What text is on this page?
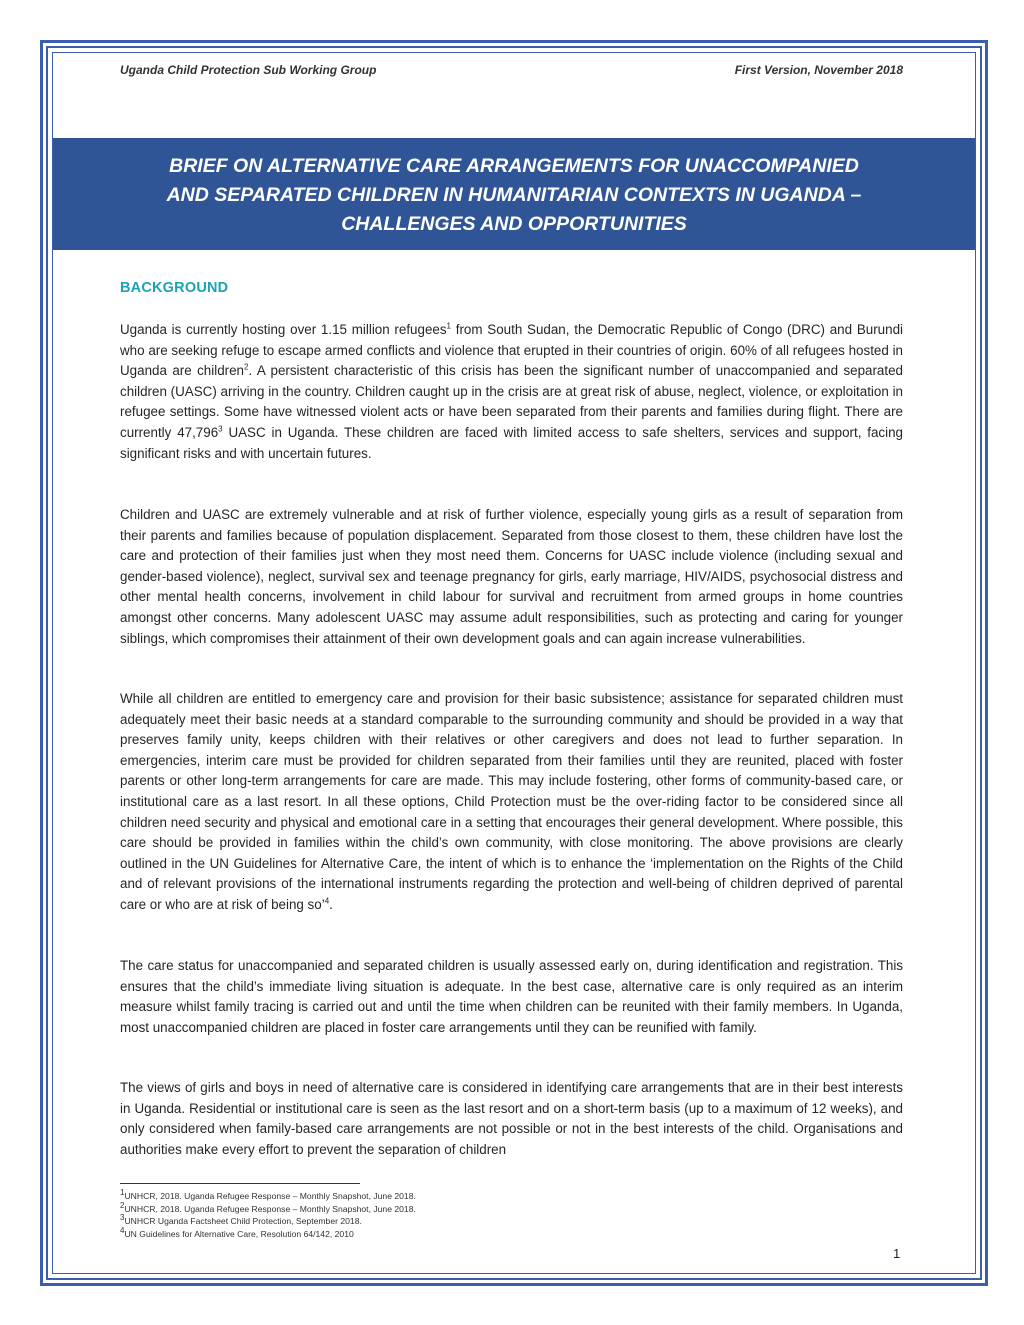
Uganda Child Protection Sub Working Group	First Version, November 2018
BRIEF ON ALTERNATIVE CARE ARRANGEMENTS FOR UNACCOMPANIED AND SEPARATED CHILDREN IN HUMANITARIAN CONTEXTS IN UGANDA – CHALLENGES AND OPPORTUNITIES
BACKGROUND

Uganda is currently hosting over 1.15 million refugees$^1$ from South Sudan, the Democratic Republic of Congo (DRC) and Burundi who are seeking refuge to escape armed conflicts and violence that erupted in their countries of origin. 60% of all refugees hosted in Uganda are children$^2$. A persistent characteristic of this crisis has been the significant number of unaccompanied and separated children (UASC) arriving in the country. Children caught up in the crisis are at great risk of abuse, neglect, violence, or exploitation in refugee settings. Some have witnessed violent acts or have been separated from their parents and families during flight. There are currently 47,796$^3$ UASC in Uganda. These children are faced with limited access to safe shelters, services and support, facing significant risks and with uncertain futures.

Children and UASC are extremely vulnerable and at risk of further violence, especially young girls as a result of separation from their parents and families because of population displacement. Separated from those closest to them, these children have lost the care and protection of their families just when they most need them. Concerns for UASC include violence (including sexual and gender-based violence), neglect, survival sex and teenage pregnancy for girls, early marriage, HIV/AIDS, psychosocial distress and other mental health concerns, involvement in child labour for survival and recruitment from armed groups in home countries amongst other concerns. Many adolescent UASC may assume adult responsibilities, such as protecting and caring for younger siblings, which compromises their attainment of their own development goals and can again increase vulnerabilities.

While all children are entitled to emergency care and provision for their basic subsistence; assistance for separated children must adequately meet their basic needs at a standard comparable to the surrounding community and should be provided in a way that preserves family unity, keeps children with their relatives or other caregivers and does not lead to further separation. In emergencies, interim care must be provided for children separated from their families until they are reunited, placed with foster parents or other long-term arrangements for care are made. This may include fostering, other forms of community-based care, or institutional care as a last resort. In all these options, Child Protection must be the over-riding factor to be considered since all children need security and physical and emotional care in a setting that encourages their general development. Where possible, this care should be provided in families within the child’s own community, with close monitoring. The above provisions are clearly outlined in the UN Guidelines for Alternative Care, the intent of which is to enhance the ‘implementation on the Rights of the Child and of relevant provisions of the international instruments regarding the protection and well-being of children deprived of parental care or who are at risk of being so’$^4$.

The care status for unaccompanied and separated children is usually assessed early on, during identification and registration. This ensures that the child’s immediate living situation is adequate. In the best case, alternative care is only required as an interim measure whilst family tracing is carried out and until the time when children can be reunited with their family members. In Uganda, most unaccompanied children are placed in foster care arrangements until they can be reunified with family.

The views of girls and boys in need of alternative care is considered in identifying care arrangements that are in their best interests in Uganda. Residential or institutional care is seen as the last resort and on a short-term basis (up to a maximum of 12 weeks), and only considered when family-based care arrangements are not possible or not in the best interests of the child. Organisations and authorities make every effort to prevent the separation of children

$^1$UNHCR, 2018. Uganda Refugee Response – Monthly Snapshot, June 2018.
$^2$UNHCR, 2018. Uganda Refugee Response – Monthly Snapshot, June 2018.
$^3$UNHCR Uganda Factsheet Child Protection, September 2018.
$^4$UN Guidelines for Alternative Care, Resolution 64/142, 2010
1
